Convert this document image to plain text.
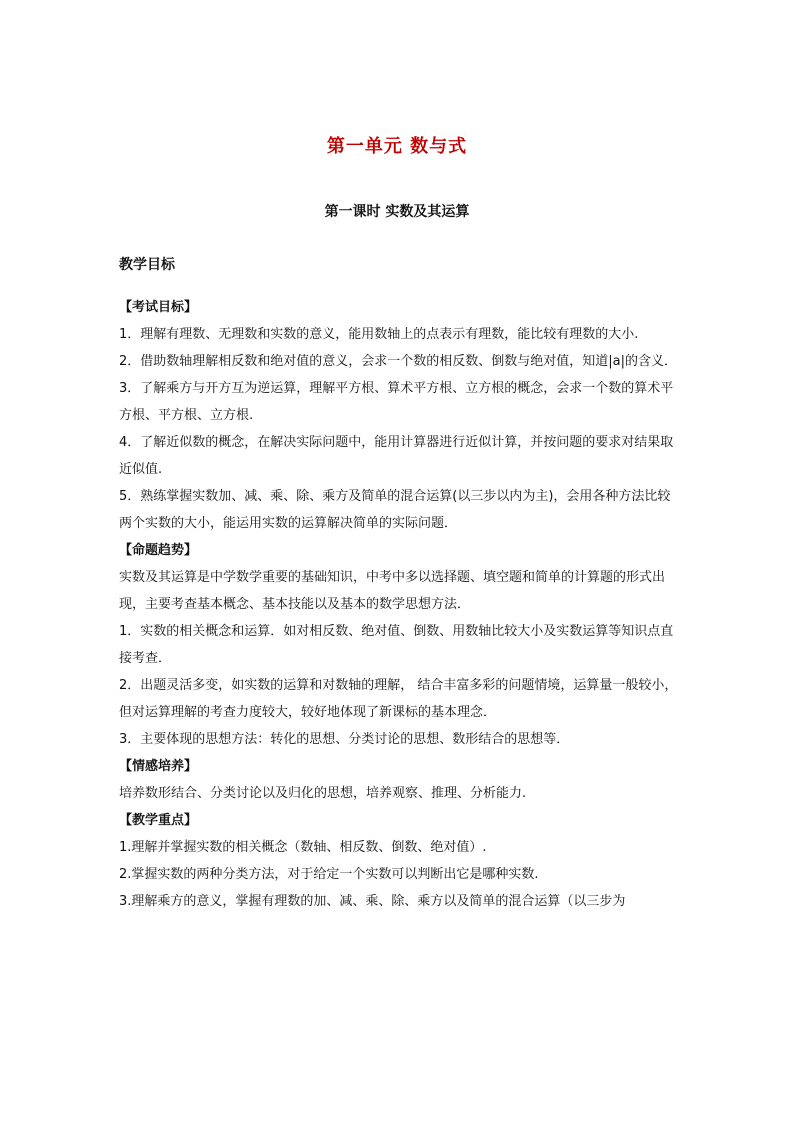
第一单元 数与式
第一课时 实数及其运算
教学目标

【考试目标】

1．理解有理数、无理数和实数的意义，能用数轴上的点表示有理数，能比较有理数的大小.

2．借助数轴理解相反数和绝对值的意义，会求一个数的相反数、倒数与绝对值，知道|a|的含义．

3．了解乘方与开方互为逆运算，理解平方根、算术平方根、立方根的概念，会求一个数的算术平方根、平方根、立方根.

4．了解近似数的概念，在解决实际问题中，能用计算器进行近似计算，并按问题的要求对结果取近似值.

5．熟练掌握实数加、减、乘、除、乘方及简单的混合运算(以三步以内为主)，会用各种方法比较两个实数的大小，能运用实数的运算解决简单的实际问题．

【命题趋势】

实数及其运算是中学数学重要的基础知识，中考中多以选择题、填空题和简单的计算题的形式出现，主要考查基本概念、基本技能以及基本的数学思想方法．

1．实数的相关概念和运算．如对相反数、绝对值、倒数、用数轴比较大小及实数运算等知识点直接考查．

2．出题灵活多变，如实数的运算和对数轴的理解， 结合丰富多彩的问题情境，运算量一般较小，但对运算理解的考查力度较大，较好地体现了新课标的基本理念．

3．主要体现的思想方法：转化的思想、分类讨论的思想、数形结合的思想等．

【情感培养】

培养数形结合、分类讨论以及归化的思想，培养观察、推理、分析能力.

【教学重点】

1.理解并掌握实数的相关概念（数轴、相反数、倒数、绝对值）.

2.掌握实数的两种分类方法，对于给定一个实数可以判断出它是哪种实数.

3.理解乘方的意义，掌握有理数的加、减、乘、除、乘方以及简单的混合运算（以三步为
